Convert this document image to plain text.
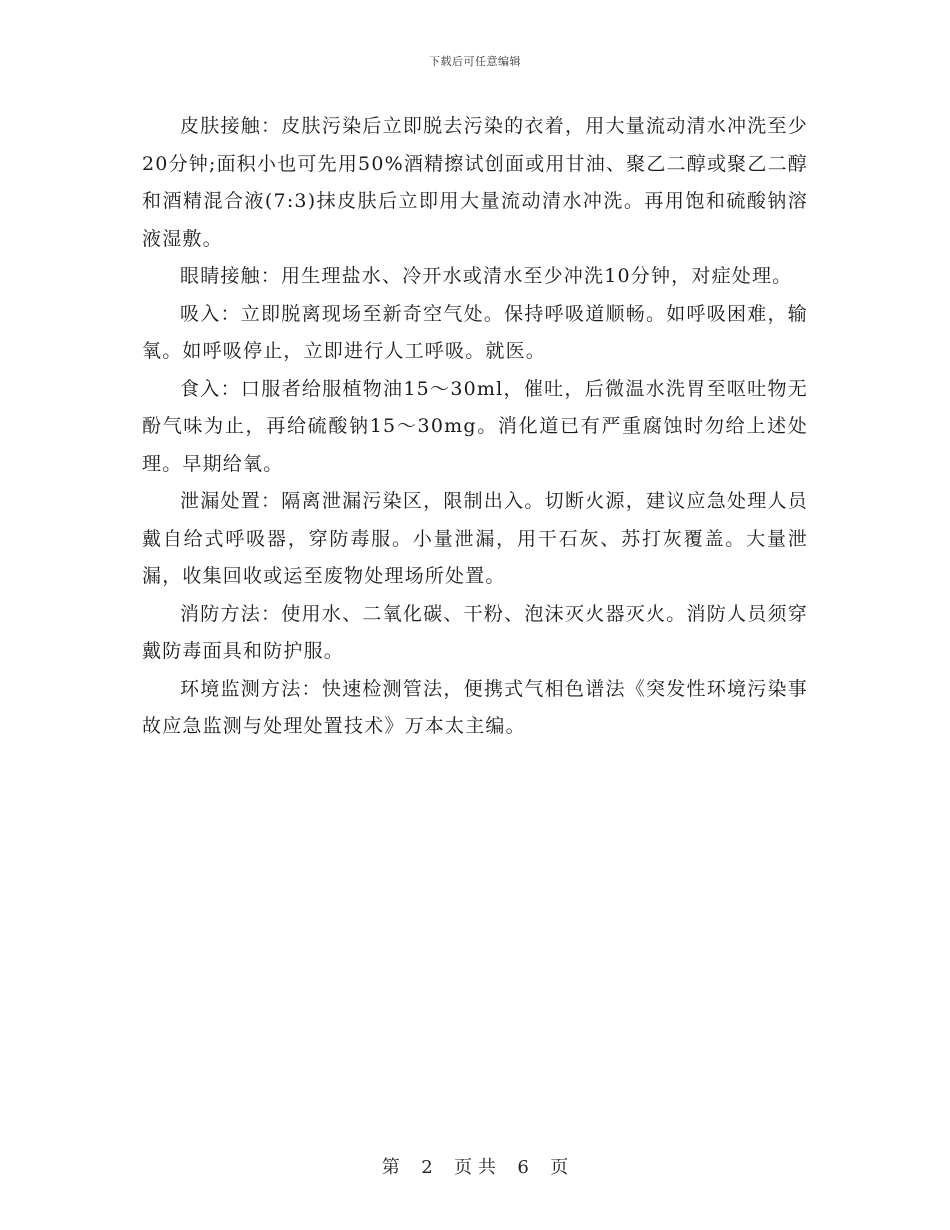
下载后可任意编辑

皮肤接触：皮肤污染后立即脱去污染的衣着，用大量流动清水冲洗至少20分钟;面积小也可先用50%酒精擦试创面或用甘油、聚乙二醇或聚乙二醇和酒精混合液(7:3)抹皮肤后立即用大量流动清水冲洗。再用饱和硫酸钠溶液湿敷。

眼睛接触：用生理盐水、冷开水或清水至少冲洗10分钟，对症处理。

吸入：立即脱离现场至新奇空气处。保持呼吸道顺畅。如呼吸困难，输氧。如呼吸停止，立即进行人工呼吸。就医。

食入：口服者给服植物油15～30ml，催吐，后微温水洗胃至呕吐物无酚气味为止，再给硫酸钠15～30mg。消化道已有严重腐蚀时勿给上述处理。早期给氧。

泄漏处置：隔离泄漏污染区，限制出入。切断火源，建议应急处理人员戴自给式呼吸器，穿防毒服。小量泄漏，用干石灰、苏打灰覆盖。大量泄漏，收集回收或运至废物处理场所处置。

消防方法：使用水、二氧化碳、干粉、泡沫灭火器灭火。消防人员须穿戴防毒面具和防护服。

环境监测方法：快速检测管法，便携式气相色谱法《突发性环境污染事故应急监测与处理处置技术》万本太主编。

第 2 页 共 6 页
